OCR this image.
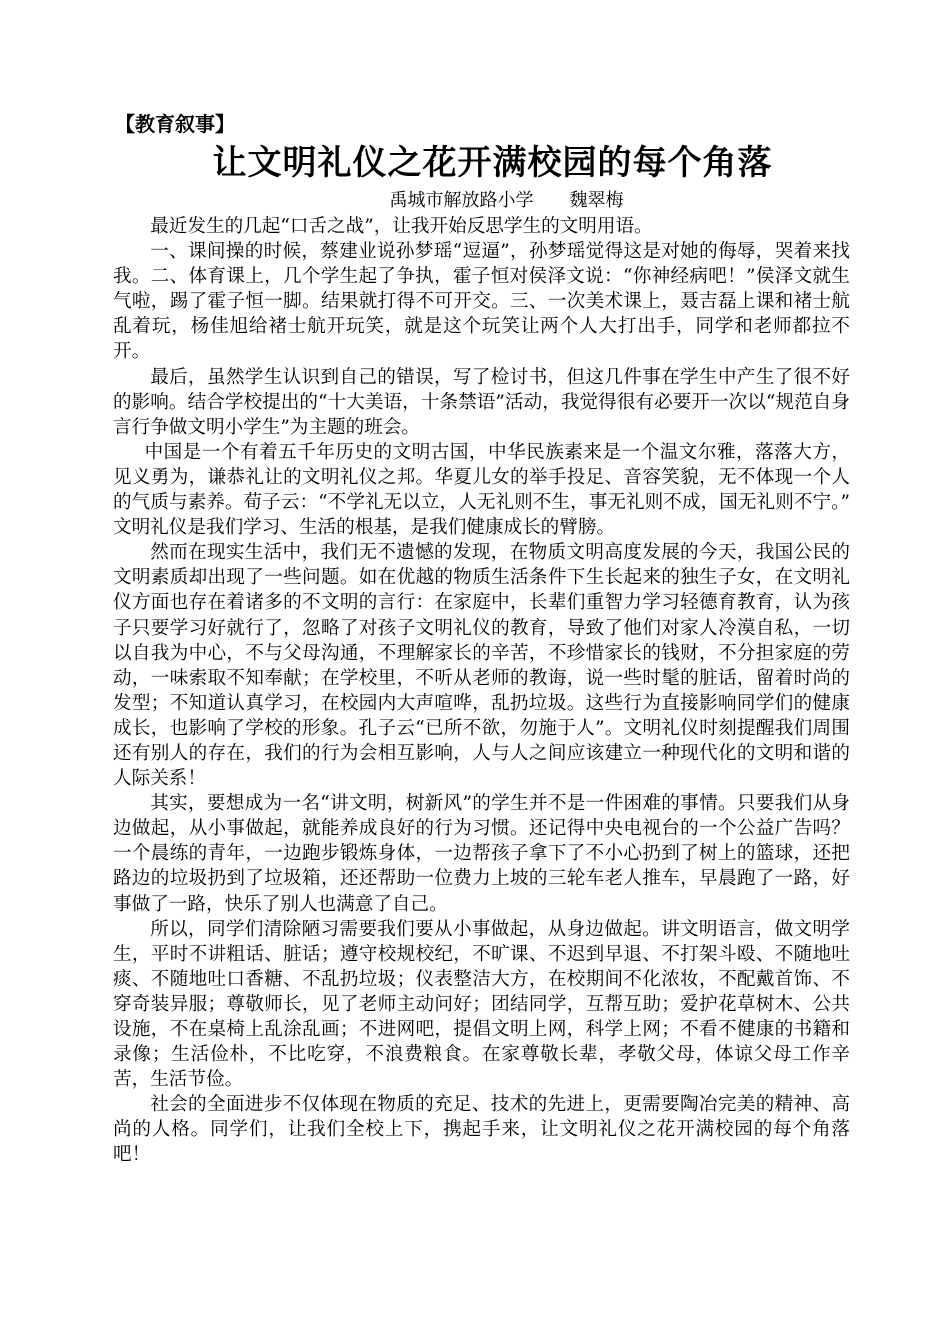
【教育叙事】
让文明礼仪之花开满校园的每个角落
禹城市解放路小学 魏翠梅

最近发生的几起“口舌之战”，让我开始反思学生的文明用语。

一、课间操的时候，蔡建业说孙梦瑶“逗逼”，孙梦瑶觉得这是对她的侮辱，哭着来找我。二、体育课上，几个学生起了争执，霍子恒对侯泽文说：“你神经病吧！”侯泽文就生气啦，踢了霍子恒一脚。结果就打得不可开交。三、一次美术课上，聂吉磊上课和褚士航乱着玩，杨佳旭给褚士航开玩笑，就是这个玩笑让两个人大打出手，同学和老师都拉不开。

最后，虽然学生认识到自己的错误，写了检讨书，但这几件事在学生中产生了很不好的影响。结合学校提出的“十大美语，十条禁语”活动，我觉得很有必要开一次以“规范自身言行争做文明小学生”为主题的班会。

中国是一个有着五千年历史的文明古国，中华民族素来是一个温文尔雅，落落大方，见义勇为，谦恭礼让的文明礼仪之邦。华夏儿女的举手投足、音容笑貌，无不体现一个人的气质与素养。荀子云：“不学礼无以立，人无礼则不生，事无礼则不成，国无礼则不宁。”　文明礼仪是我们学习、生活的根基，是我们健康成长的臂膀。

然而在现实生活中，我们无不遗憾的发现，在物质文明高度发展的今天，我国公民的文明素质却出现了一些问题。如在优越的物质生活条件下生长起来的独生子女，在文明礼仪方面也存在着诸多的不文明的言行：在家庭中，长辈们重智力学习轻德育教育，认为孩子只要学习好就行了，忽略了对孩子文明礼仪的教育，导致了他们对家人冷漠自私，一切以自我为中心，不与父母沟通，不理解家长的辛苦，不珍惜家长的钱财，不分担家庭的劳动，一味索取不知奉献；在学校里，不听从老师的教诲，说一些时髦的脏话，留着时尚的发型；不知道认真学习，在校园内大声喧哗，乱扔垃圾。这些行为直接影响同学们的健康成长，也影响了学校的形象。孔子云“已所不欲，勿施于人”。文明礼仪时刻提醒我们周围还有别人的存在，我们的行为会相互影响，人与人之间应该建立一种现代化的文明和谐的人际关系！

其实，要想成为一名“讲文明，树新风”的学生并不是一件困难的事情。只要我们从身边做起，从小事做起，就能养成良好的行为习惯。还记得中央电视台的一个公益广告吗？一个晨练的青年，一边跑步锻炼身体，一边帮孩子拿下了不小心扔到了树上的篮球，还把路边的垃圾扔到了垃圾箱，还还帮助一位费力上坡的三轮车老人推车，早晨跑了一路，好事做了一路，快乐了别人也满意了自己。

所以，同学们清除陋习需要我们要从小事做起，从身边做起。讲文明语言，做文明学生，平时不讲粗话、脏话；遵守校规校纪，不旷课、不迟到早退、不打架斗殴、不随地吐痰、不随地吐口香糖、不乱扔垃圾；仪表整洁大方，在校期间不化浓妆，不配戴首饰、不穿奇装异服；尊敬师长，见了老师主动问好；团结同学，互帮互助；爱护花草树木、公共设施，不在桌椅上乱涂乱画；不进网吧，提倡文明上网，科学上网；不看不健康的书籍和录像；生活俭朴，不比吃穿，不浪费粮食。在家尊敬长辈，孝敬父母，体谅父母工作辛苦，生活节俭。

社会的全面进步不仅体现在物质的充足、技术的先进上，更需要陶冶完美的精神、高尚的人格。同学们，让我们全校上下，携起手来，让文明礼仪之花开满校园的每个角落吧！
